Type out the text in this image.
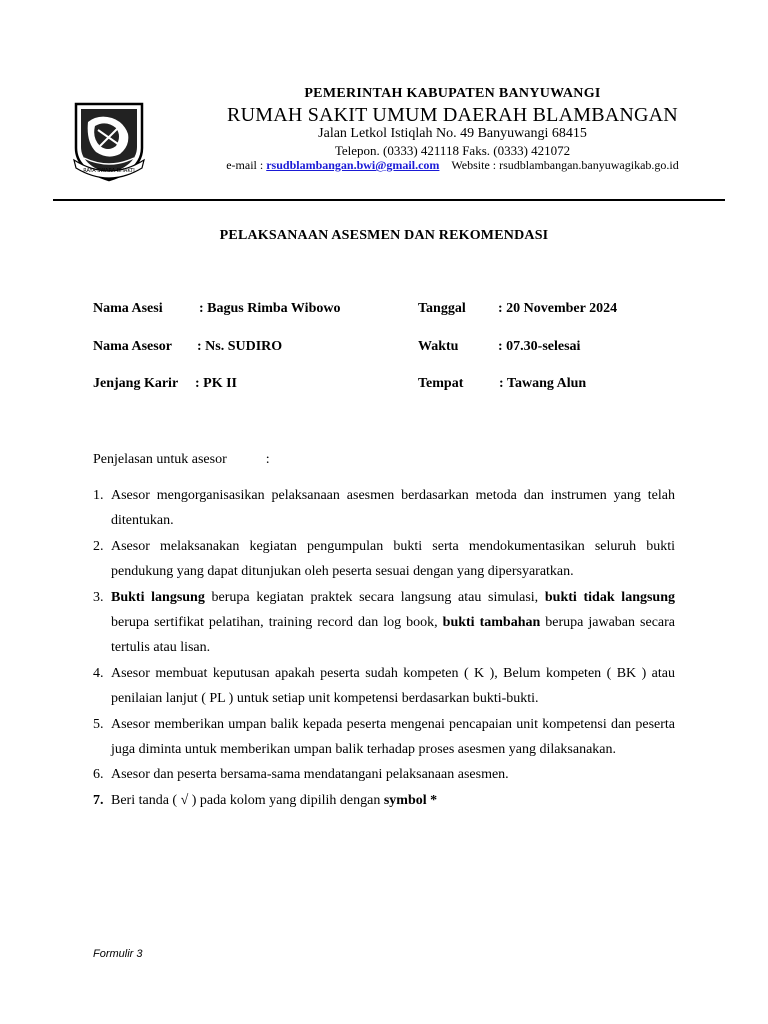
RAYA SWARA BHAKTI
PEMERINTAH KABUPATEN BANYUWANGI
RUMAH SAKIT UMUM DAERAH BLAMBANGAN
Jalan Letkol Istiqlah No. 49 Banyuwangi 68415
Telepon. (0333) 421118 Faks. (0333) 421072
e-mail : rsudblambangan.bwi@gmail.com Website : rsudblambangan.banyuwagikab.go.id
PELAKSANAAN ASESMEN DAN REKOMENDASI
Nama Asesi	: Bagus Rimba Wibowo	Tanggal : 20 November 2024
Nama Asesor : Ns. SUDIRO	Waktu	: 07.30-selesai
Jenjang Karir : PK II	Tempat	: Tawang Alun
Penjelasan untuk asesor	:
1. Asesor mengorganisasikan pelaksanaan asesmen berdasarkan metoda dan instrumen yang telah ditentukan.
2. Asesor melaksanakan kegiatan pengumpulan bukti serta mendokumentasikan seluruh bukti pendukung yang dapat ditunjukan oleh peserta sesuai dengan yang dipersyaratkan.
3. Bukti langsung berupa kegiatan praktek secara langsung atau simulasi, bukti tidak langsung berupa sertifikat pelatihan, training record dan log book, bukti tambahan berupa jawaban secara tertulis atau lisan.
4. Asesor membuat keputusan apakah peserta sudah kompeten ( K ), Belum kompeten ( BK ) atau penilaian lanjut ( PL ) untuk setiap unit kompetensi berdasarkan bukti-bukti.
5. Asesor memberikan umpan balik kepada peserta mengenai pencapaian unit kompetensi dan peserta juga diminta untuk memberikan umpan balik terhadap proses asesmen yang dilaksanakan.
6. Asesor dan peserta bersama-sama mendatangani pelaksanaan asesmen.
7. Beri tanda ( √ ) pada kolom yang dipilih dengan symbol *
Formulir 3
